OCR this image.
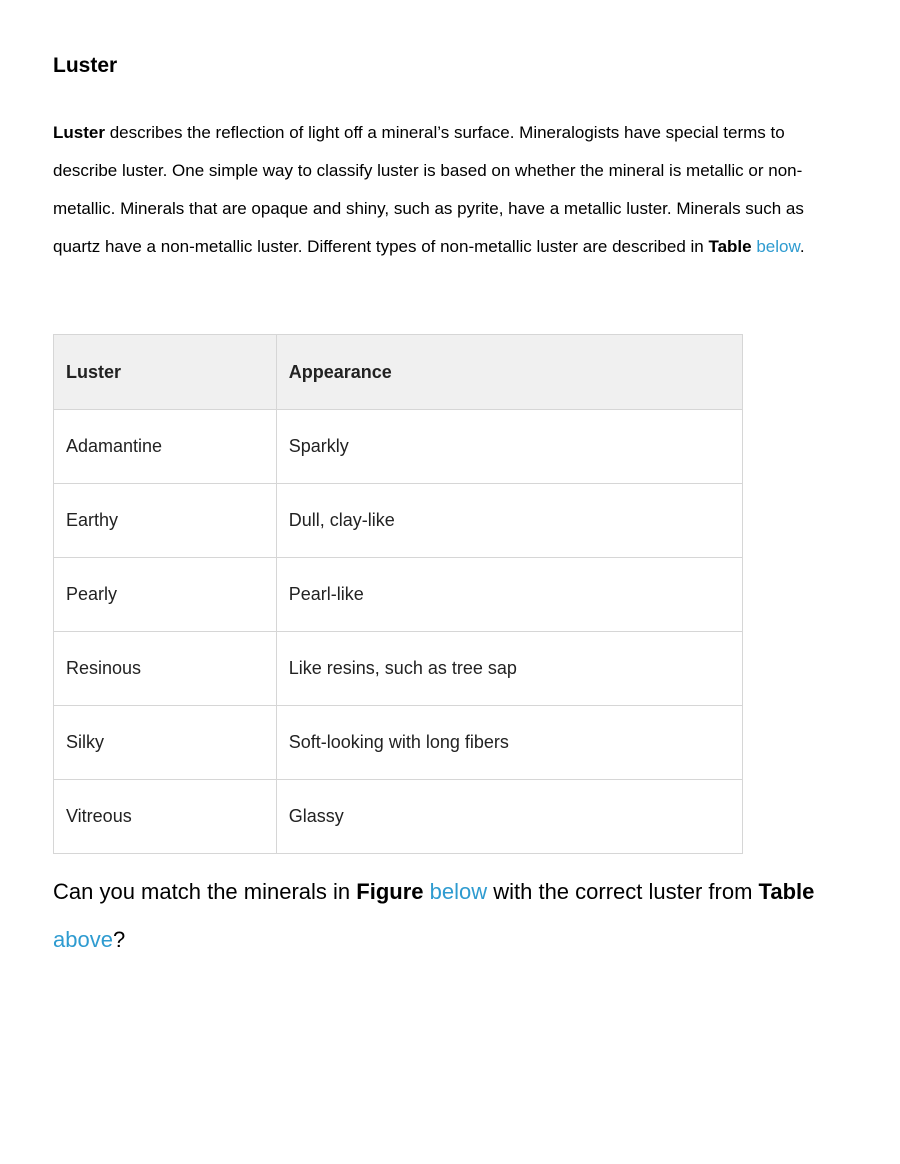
Luster

Luster describes the reflection of light off a mineral’s surface. Mineralogists have special terms to describe luster. One simple way to classify luster is based on whether the mineral is metallic or non-metallic. Minerals that are opaque and shiny, such as pyrite, have a metallic luster. Minerals such as quartz have a non-metallic luster. Different types of non-metallic luster are described in Table below.

Luster	Appearance
Adamantine	Sparkly
Earthy	Dull, clay-like
Pearly	Pearl-like
Resinous	Like resins, such as tree sap
Silky	Soft-looking with long fibers
Vitreous	Glassy

Can you match the minerals in Figure below with the correct luster from Table above?
